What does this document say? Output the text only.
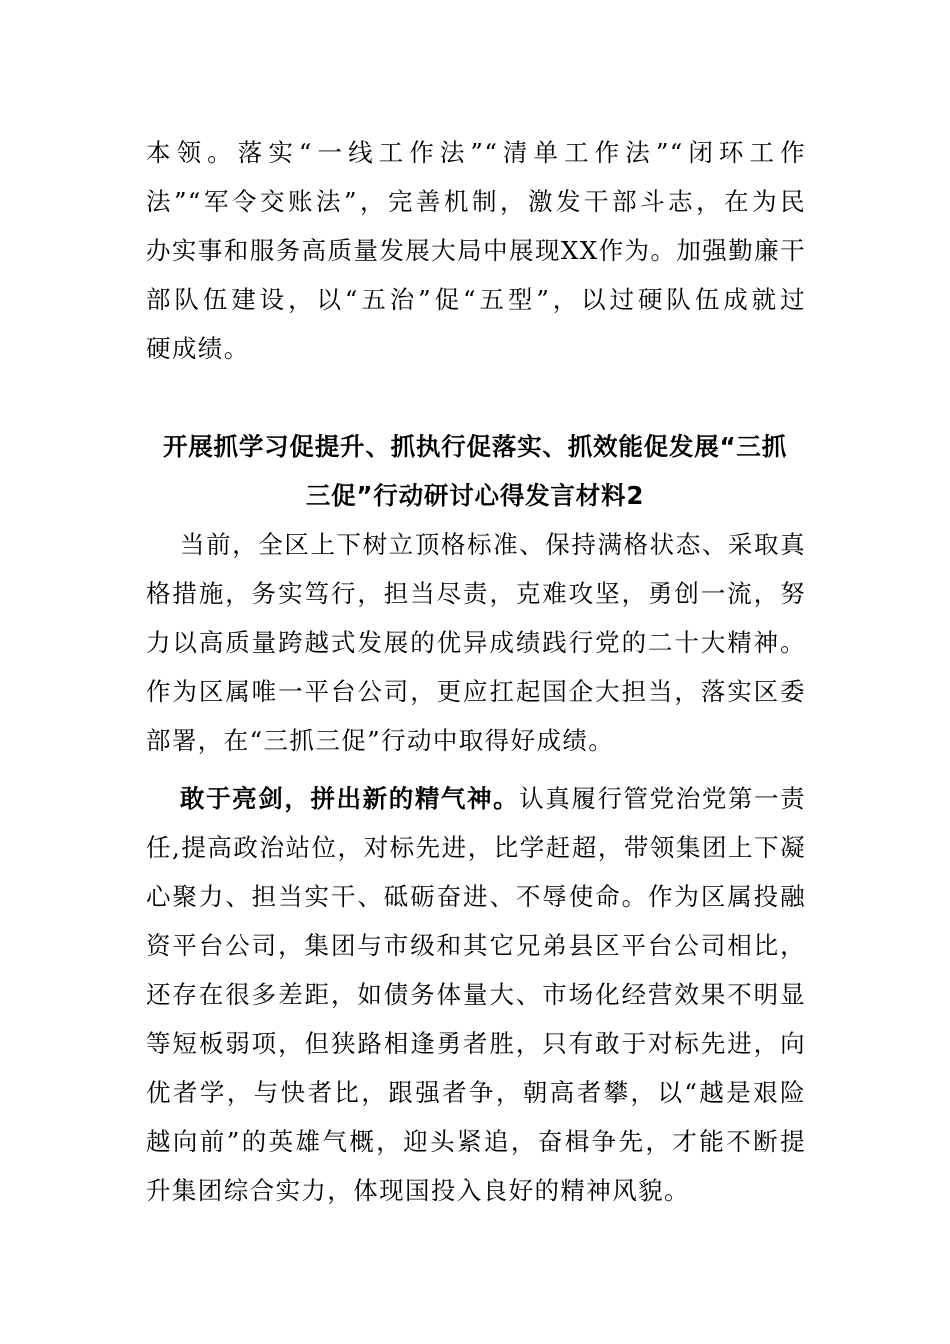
本领。落实“一线工作法”“清单工作法”“闭环工作
法”“军令交账法”，完善机制，激发干部斗志，在为民
办实事和服务高质量发展大局中展现XX作为。加强勤廉干
部队伍建设，以“五治”促“五型”，以过硬队伍成就过
硬成绩。
开展抓学习促提升、抓执行促落实、抓效能促发展“三抓
三促”行动研讨心得发言材料2
当前，全区上下树立顶格标准、保持满格状态、采取真
格措施，务实笃行，担当尽责，克难攻坚，勇创一流，努
力以高质量跨越式发展的优异成绩践行党的二十大精神。
作为区属唯一平台公司，更应扛起国企大担当，落实区委
部署，在“三抓三促”行动中取得好成绩。
敢于亮剑，拼出新的精气神。认真履行管党治党第一责
任,提高政治站位，对标先进，比学赶超，带领集团上下凝
心聚力、担当实干、砥砺奋进、不辱使命。作为区属投融
资平台公司，集团与市级和其它兄弟县区平台公司相比，
还存在很多差距，如债务体量大、市场化经营效果不明显
等短板弱项，但狭路相逢勇者胜，只有敢于对标先进，向
优者学，与快者比，跟强者争，朝高者攀，以“越是艰险
越向前”的英雄气概，迎头紧追，奋楫争先，才能不断提
升集团综合实力，体现国投入良好的精神风貌。
